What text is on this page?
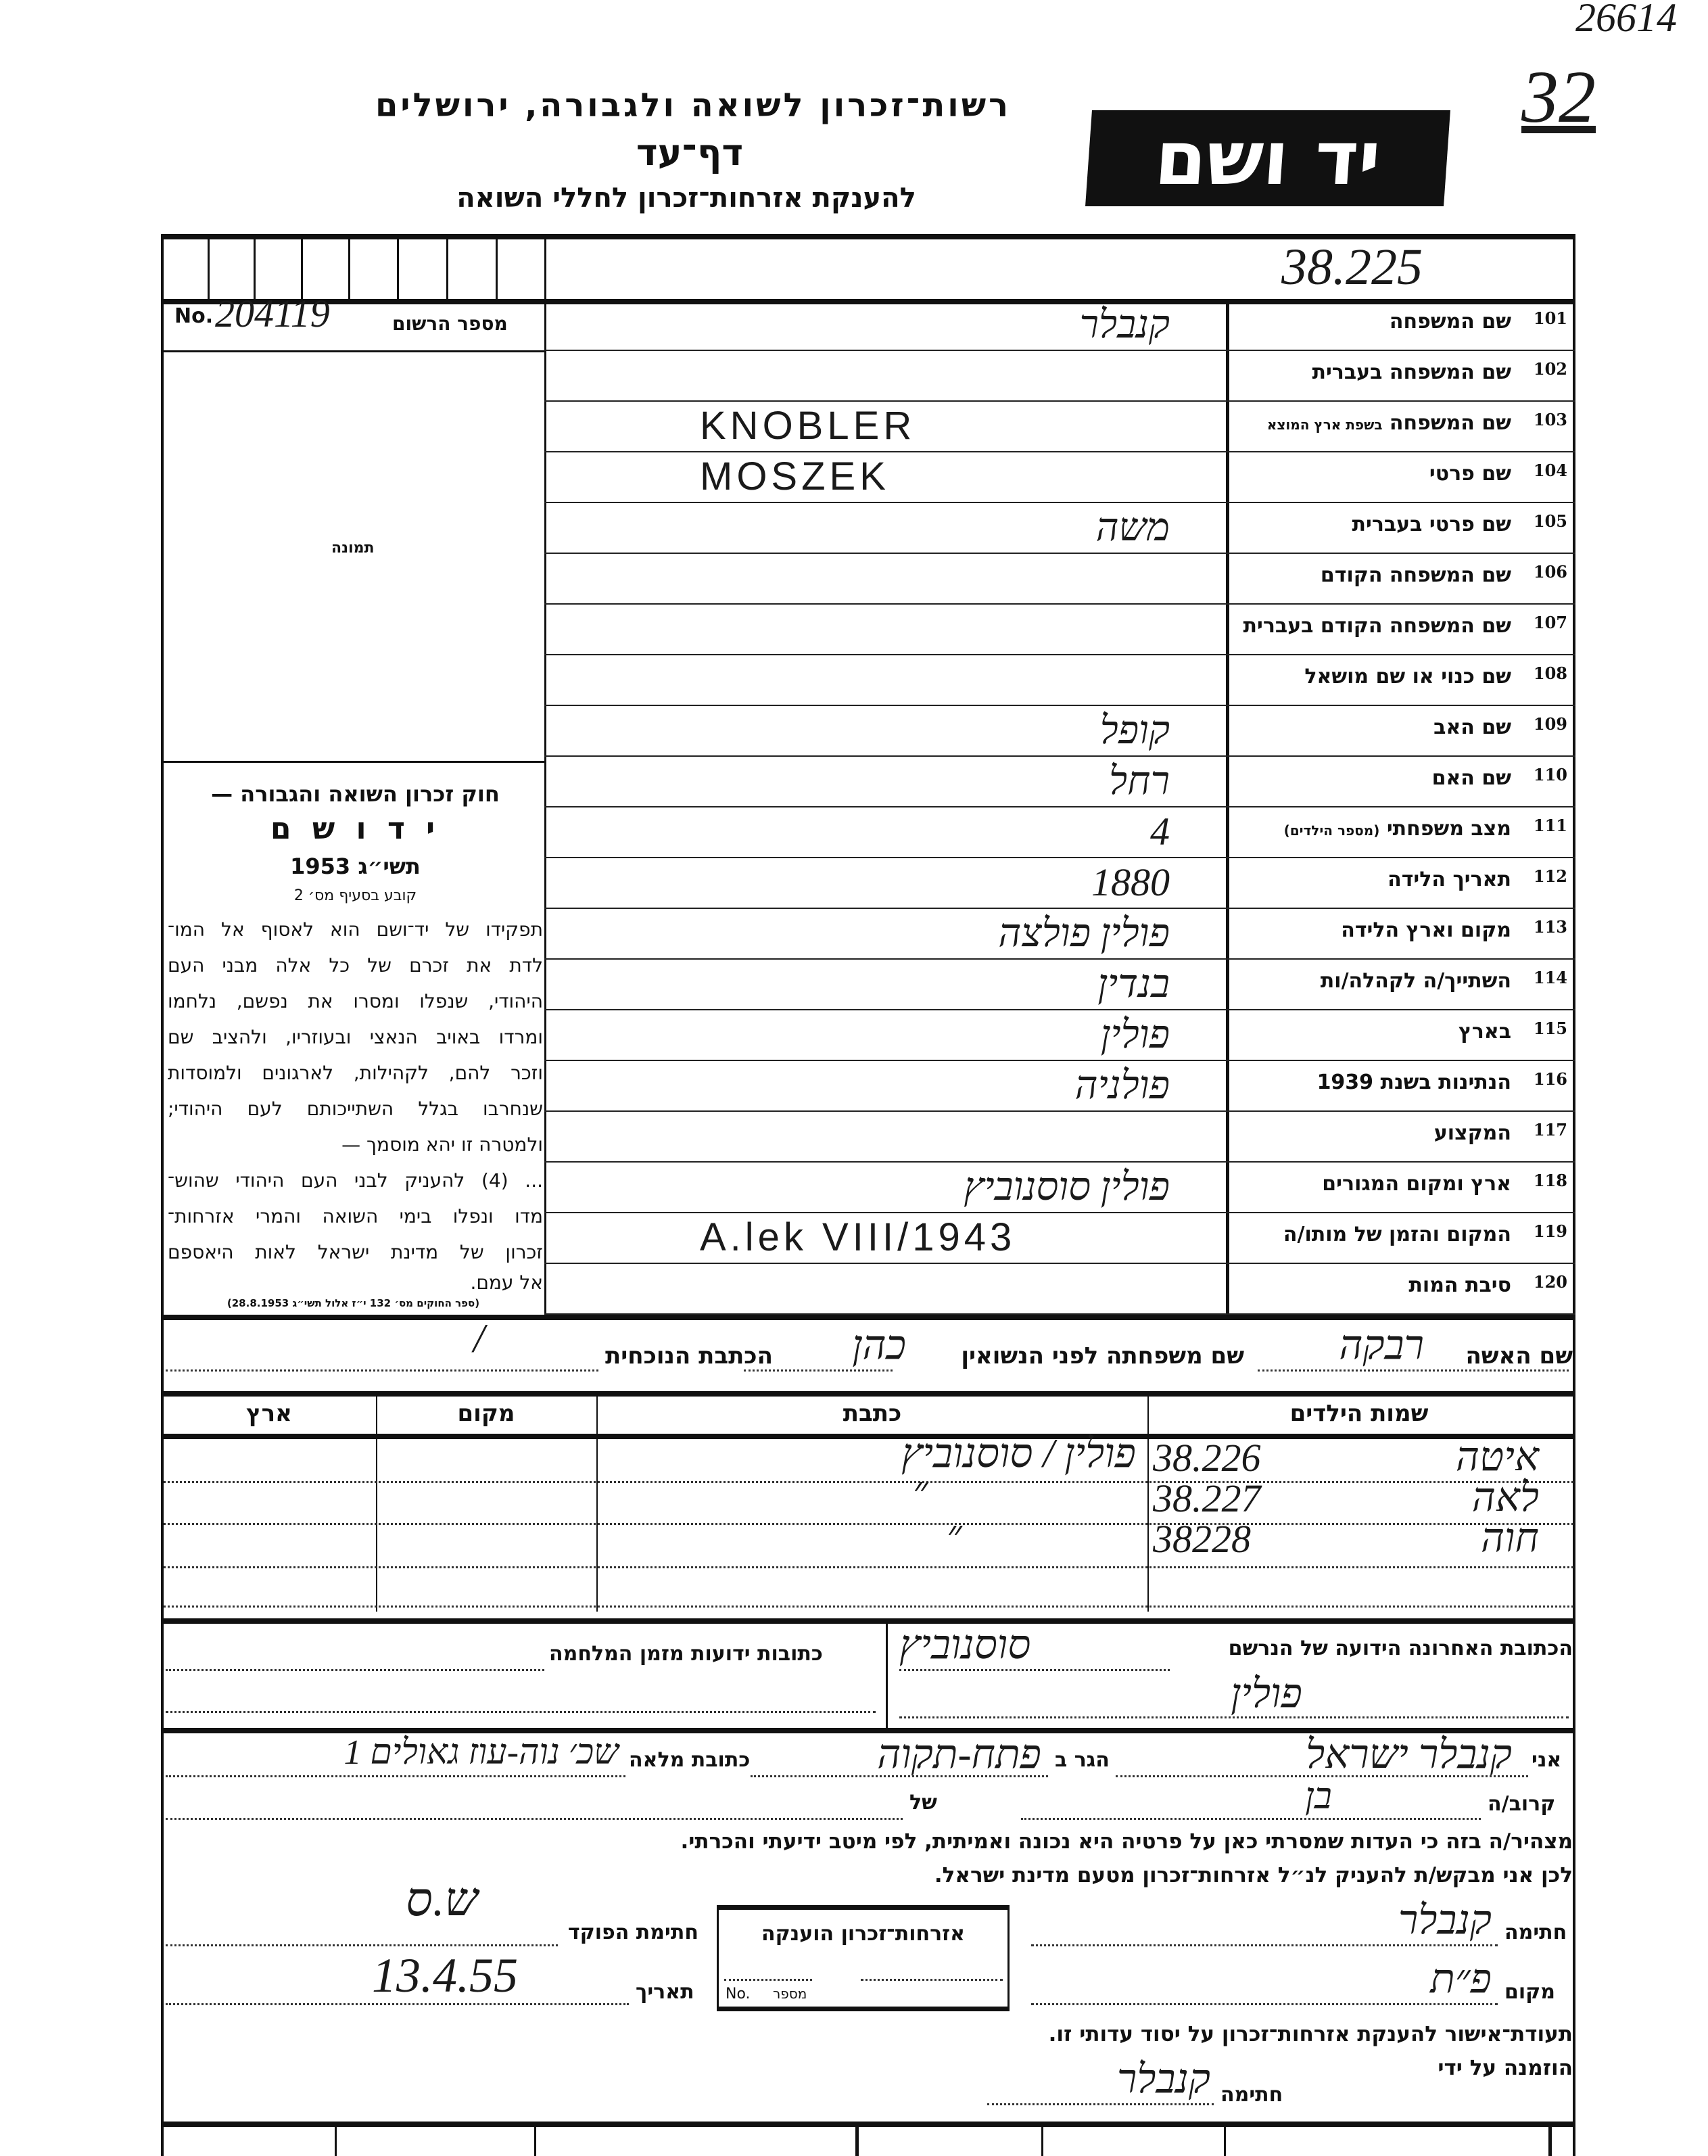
26614
32
יד ושם
רשות־זכרון לשואה ולגבורה, ירושלים
דף־עד
להענקת אזרחות־זכרון לחללי השואה
38.225
No. 204119	מספר הרשום
תמונה
חוק זכרון השואה והגבורה —
י ד ו ש ם
תשי״ג 1953
קובע בסעיף מס׳ 2
תפקידו של יד־ושם הוא לאסוף אל המו־
לדת את זכרם של כל אלה מבני העם
היהודי, שנפלו ומסרו את נפשם, נלחמו
ומרדו באויב הנאצי ובעוזריו, ולהציב שם
וזכר להם, לקהילות, לארגונים ולמוסדות
שנחרבו בגלל השתייכותם לעם היהודי;
ולמטרה זו יהא מוסמך —
... (4) להעניק לבני העם היהודי שהוש־
מדו ונפלו בימי השואה והמרי אזרחות־
זכרון של מדינת ישראל לאות היאספם
אל עמם.
(ספר החוקים מס׳ 132 י״ז אלול תשי״ג 28.8.1953)
101
שם המשפחה
קנבלר
102
שם המשפחה בעברית
103
שם המשפחה בשפת ארץ המוצא
KNOBLER
104
שם פרטי
MOSZEK
105
שם פרטי בעברית
משה
106
שם המשפחה הקודם
107
שם המשפחה הקודם בעברית
108
שם כנוי או שם מושאל
109
שם האב
קופל
110
שם האם
רחל
111
מצב משפחתי (מספר הילדים)
4
112
תאריך הלידה
1880
113
מקום וארץ הלידה
פולין פולצה
114
השתייך/ה לקהלה/ות
בנדין
115
בארץ
פולין
116
הנתינות בשנת 1939
פולניה
117
המקצוע
118
ארץ ומקום המגורים
פולין סוסנוביץ
119
המקום והזמן של מותו/ה
A.lek VIII/1943
120
סיבת המות
שם האשה
רבקה
שם משפחתה לפני הנשואין
כהן
הכתבת הנוכחית
/
שמות הילדים
כתבת
מקום
ארץ
איטה
38.226
פולין / סוסנוביץ
לאה
38.227
״
חוה
38228
״
הכתובת האחרונה הידועה של הנרשם
סוסנוביץ
פולין
כתובות ידועות מזמן המלחמה
אני
קנבלר ישראל
הגר ב
פתח-תקוה
כתובת מלאה
שכ׳ נוה-עוז גאולים 1
קרוב/ה
בן
של
מצהיר/ה בזה כי העדות שמסרתי כאן על פרטיה היא נכונה ואמיתית, לפי מיטב ידיעתי והכרתי.
לכן אני מבקש/ת להעניק לנ״ל אזרחות־זכרון מטעם מדינת ישראל.
חתימה
קנבלר
מקום
פ״ת
אזרחות־זכרון הוענקה
No. מספר
חתימת הפוקד
ש.ס
תאריך
13.4.55
תעודת־אישור להענקת אזרחות־זכרון על יסוד עדותי זו.
הוזמנה על ידי
חתימה
קנבלר
